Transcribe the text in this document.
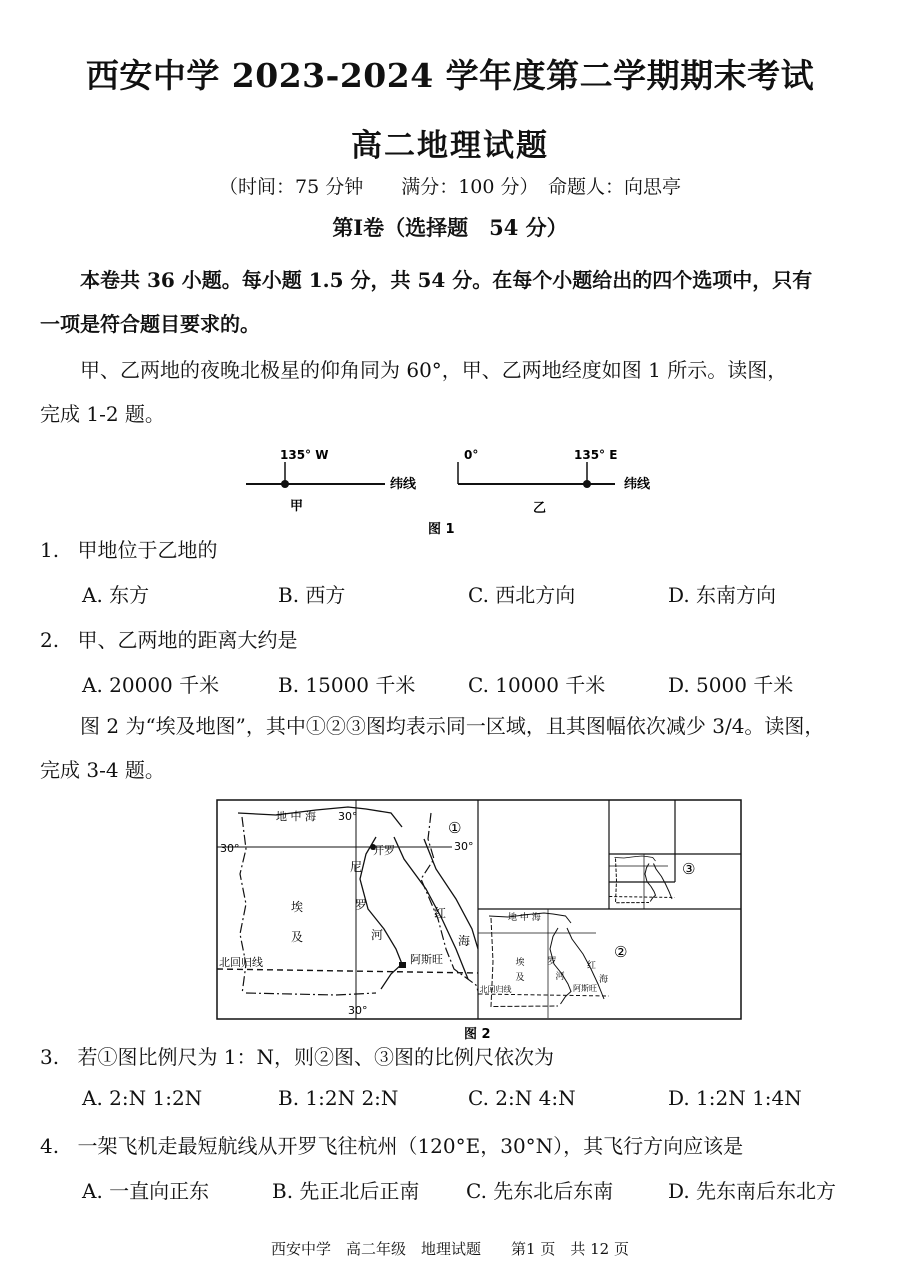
西安中学 2023-2024 学年度第二学期期末考试
高二地理试题
（时间：75 分钟　　满分：100 分）　命题人：向思亭
第Ⅰ卷（选择题　54 分）
本卷共 36 小题。每小题 1.5 分，共 54 分。在每个小题给出的四个选项中，只有
一项是符合题目要求的。
甲、乙两地的夜晚北极星的仰角同为 60°，甲、乙两地经度如图 1 所示。读图，
完成 1-2 题。
135° W	0°	135° E
纬线	纬线
甲	乙
图 1
1. 甲地位于乙地的
A. 东方	B. 西方	C. 西北方向	D. 东南方向
2. 甲、乙两地的距离大约是
A. 20000 千米	B. 15000 千米	C. 10000 千米	D. 5000 千米
图 2 为“埃及地图”，其中①②③图均表示同一区域，且其图幅依次减少 3/4。读图，
完成 3-4 题。
地 中 海 30°
30°	30°
30°
开罗
尼
罗
河
红
海
埃
及
北回归线	阿斯旺
①
地 中 海
埃
及
罗
河
红
海
北回归线	阿斯旺
②
③
图 2
3. 若①图比例尺为 1：N，则②图、③图的比例尺依次为
A. 2:N 1:2N	B. 1:2N 2:N	C. 2:N 4:N	D. 1:2N 1:4N
4. 一架飞机走最短航线从开罗飞往杭州（120°E，30°N），其飞行方向应该是
A. 一直向正东	B. 先正北后正南 C. 先东北后东南	D. 先东南后东北方
西安中学　高二年级　地理试题　　第1 页　共 12 页
